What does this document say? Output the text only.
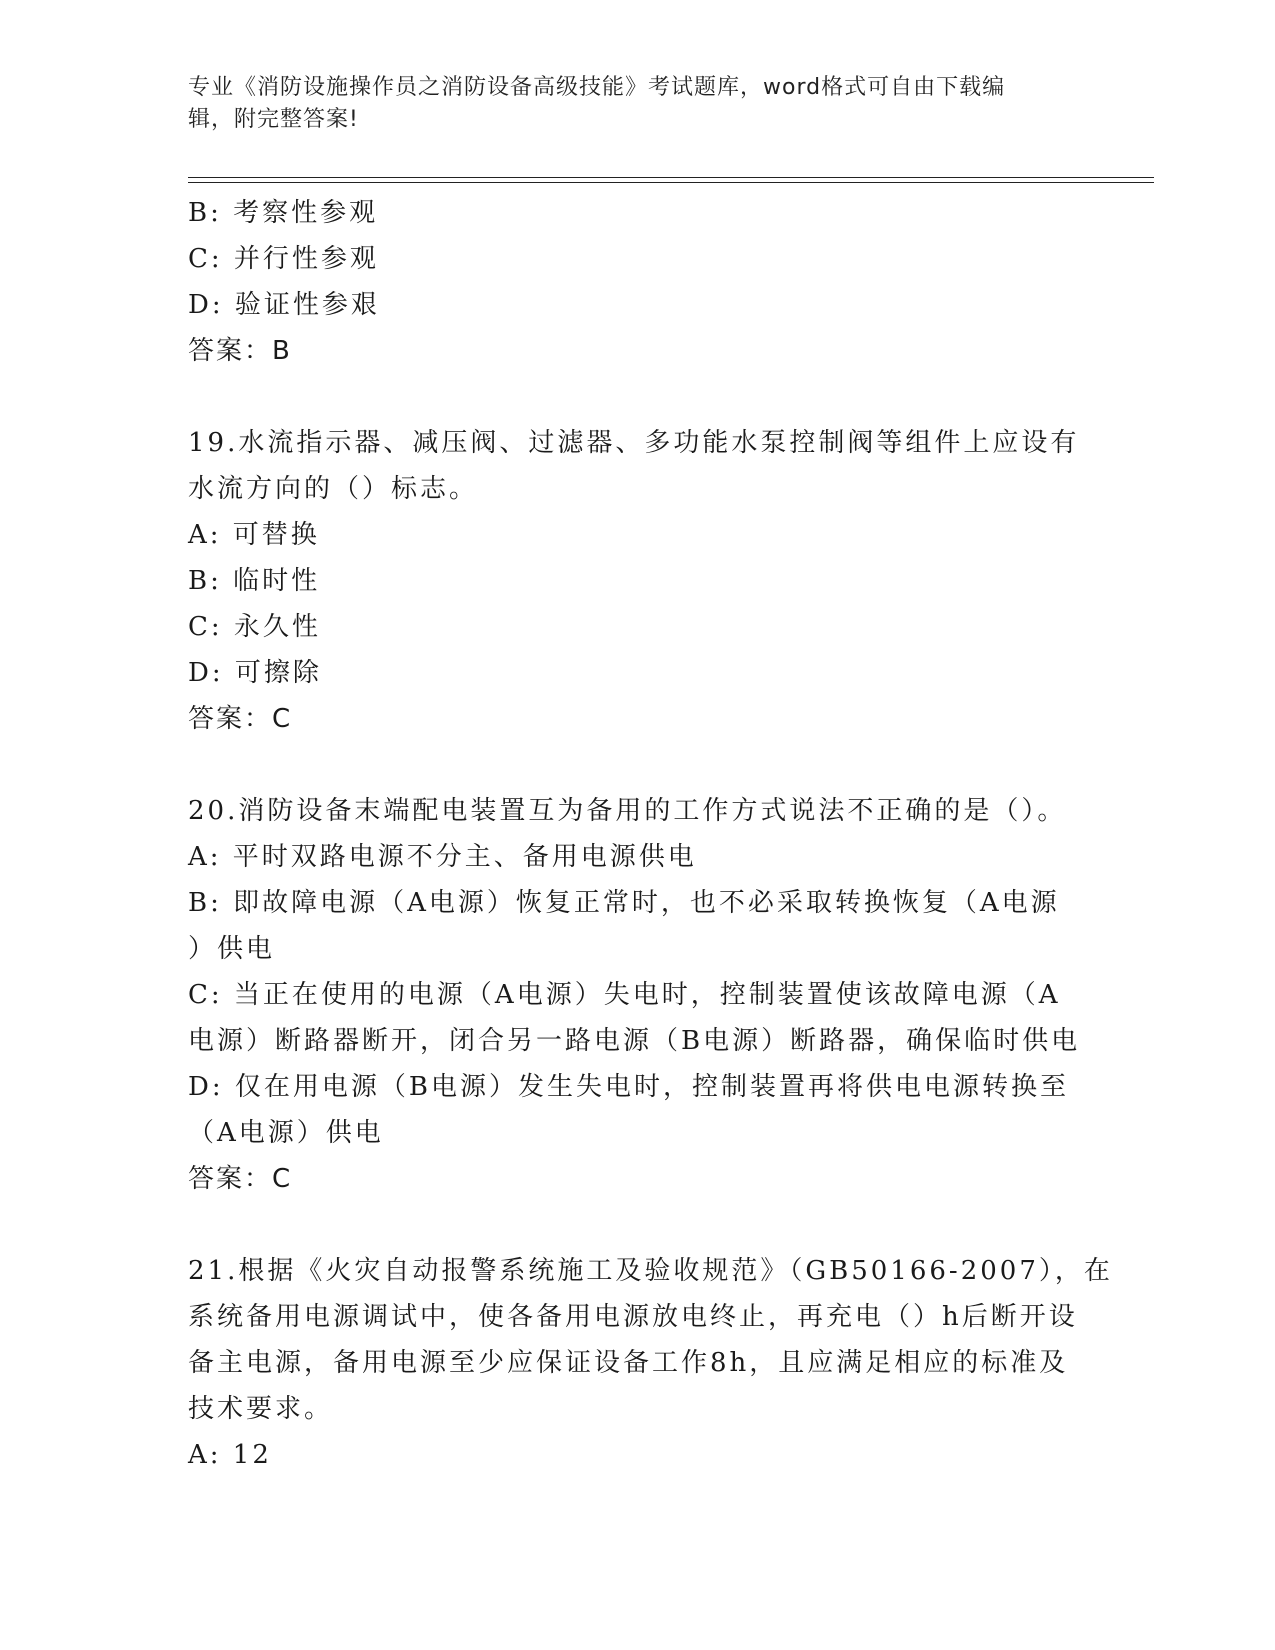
专业《消防设施操作员之消防设备高级技能》考试题库，word格式可自由下载编
辑，附完整答案!
B: 考察性参观
C: 并行性参观
D: 验证性参艰
答案：B
19.水流指示器、减压阀、过滤器、多功能水泵控制阀等组件上应设有
水流方向的（）标志。
A: 可替换
B: 临时性
C: 永久性
D: 可擦除
答案：C
20.消防设备末端配电装置互为备用的工作方式说法不正确的是（）。
A: 平时双路电源不分主、备用电源供电
B: 即故障电源（A电源）恢复正常时，也不必采取转换恢复（A电源
）供电
C: 当正在使用的电源（A电源）失电时，控制装置使该故障电源（A
电源）断路器断开，闭合另一路电源（B电源）断路器，确保临时供电
D: 仅在用电源（B电源）发生失电时，控制装置再将供电电源转换至
（A电源）供电
答案：C
21.根据《火灾自动报警系统施工及验收规范》（GB50166-2007），在
系统备用电源调试中，使各备用电源放电终止，再充电（）h后断开设
备主电源，备用电源至少应保证设备工作8h，且应满足相应的标准及
技术要求。
A: 12
